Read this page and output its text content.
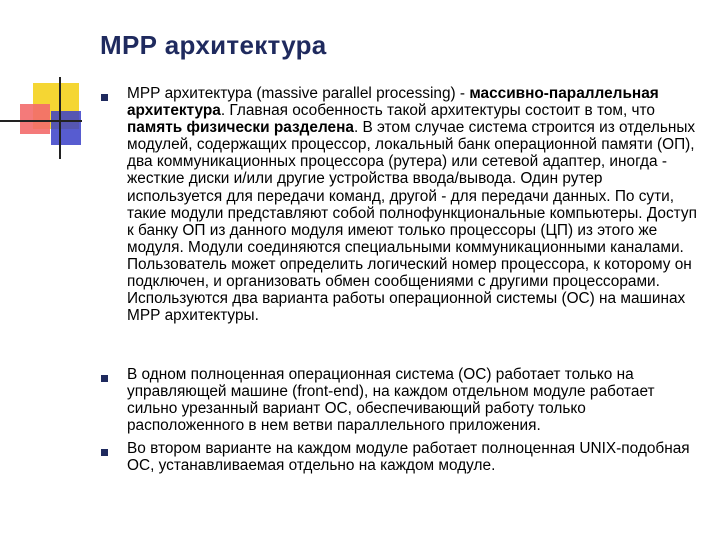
МРР архитектура
МРР архитектура (massive parallel processing) - массивно-параллельная архитектура. Главная особенность такой архитектуры состоит в том, что память физически разделена. В этом случае система строится из отдельных модулей, содержащих процессор, локальный банк операционной памяти (ОП), два коммуникационных процессора (рутера) или сетевой адаптер, иногда - жесткие диски и/или другие устройства ввода/вывода. Один рутер используется для передачи команд, другой - для передачи данных. По сути, такие модули представляют собой полнофункциональные компьютеры. Доступ к банку ОП из данного модуля имеют только процессоры (ЦП) из этого же модуля. Модули соединяются специальными коммуникационными каналами. Пользователь может определить логический номер процессора, к которому он подключен, и организовать обмен сообщениями с другими процессорами. Используются два варианта работы операционной системы (ОС) на машинах МРР архитектуры.
В одном полноценная операционная система (ОС) работает только на управляющей машине (front-end), на каждом отдельном модуле работает сильно урезанный вариант ОС, обеспечивающий работу только расположенного в нем ветви параллельного приложения.
Во втором варианте на каждом модуле работает полноценная UNIX-подобная ОС, устанавливаемая отдельно на каждом модуле.
